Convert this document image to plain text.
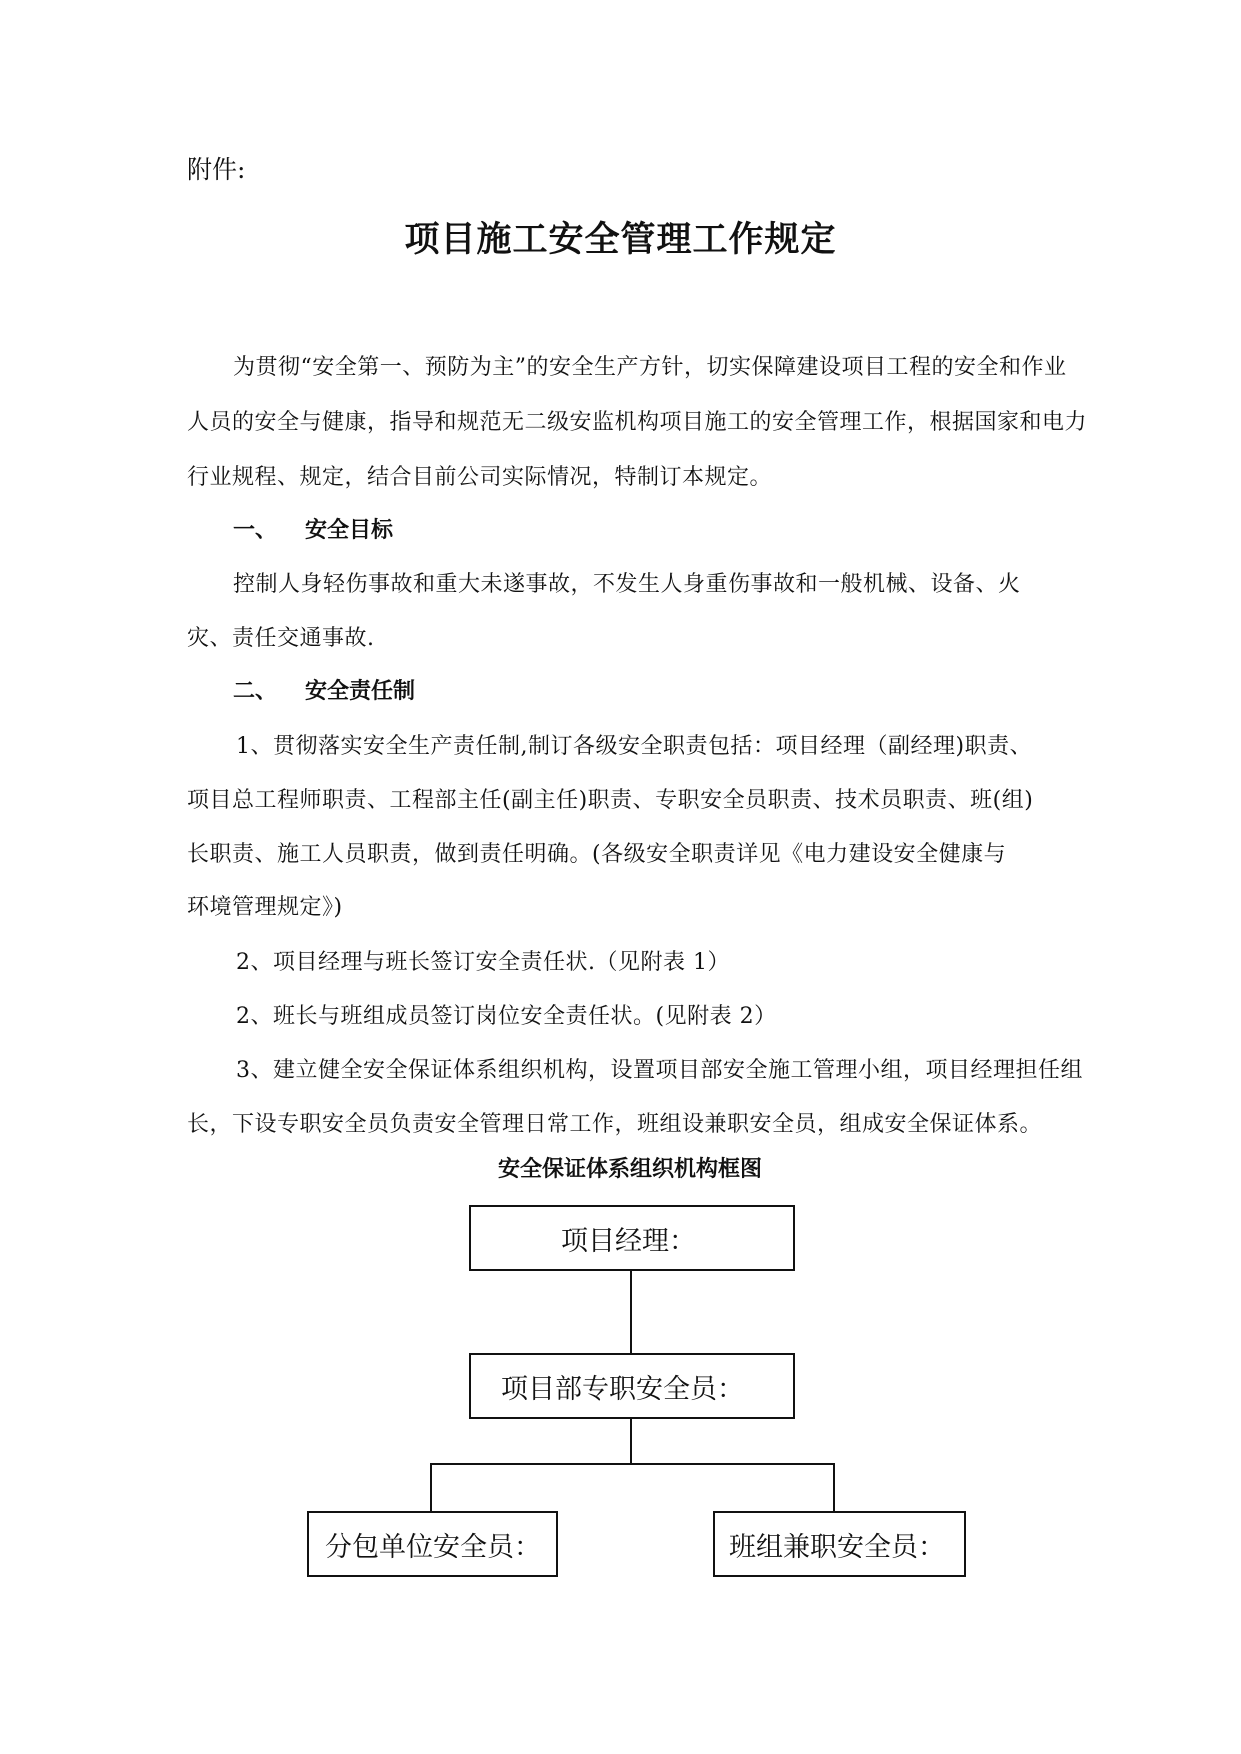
附件:
项目施工安全管理工作规定
为贯彻“安全第一、预防为主”的安全生产方针，切实保障建设项目工程的安全和作业
人员的安全与健康，指导和规范无二级安监机构项目施工的安全管理工作，根据国家和电力
行业规程、规定，结合目前公司实际情况，特制订本规定。
一、 安全目标
控制人身轻伤事故和重大未遂事故，不发生人身重伤事故和一般机械、设备、火
灾、责任交通事故.
二、 安全责任制
1、贯彻落实安全生产责任制,制订各级安全职责包括：项目经理（副经理)职责、
项目总工程师职责、工程部主任(副主任)职责、专职安全员职责、技术员职责、班(组)
长职责、施工人员职责，做到责任明确。(各级安全职责详见《电力建设安全健康与
环境管理规定》)
2、项目经理与班长签订安全责任状.（见附表 1）
2、班长与班组成员签订岗位安全责任状。(见附表 2）
3、建立健全安全保证体系组织机构，设置项目部安全施工管理小组，项目经理担任组
长，下设专职安全员负责安全管理日常工作，班组设兼职安全员，组成安全保证体系。
安全保证体系组织机构框图
项目经理：
项目部专职安全员：
分包单位安全员：	班组兼职安全员：
